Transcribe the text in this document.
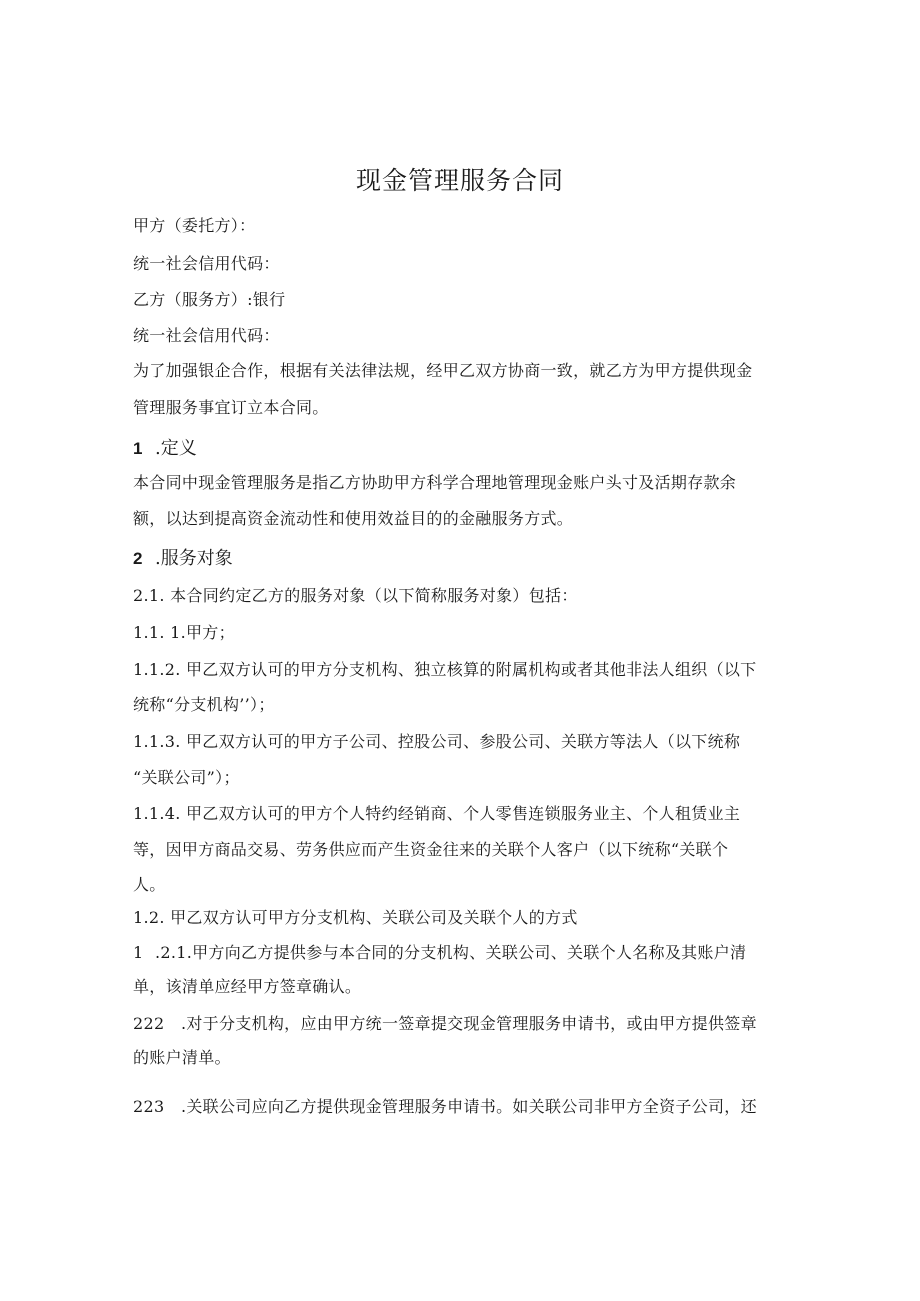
现金管理服务合同
甲方（委托方）：
统一社会信用代码：
乙方（服务方）:银行
统一社会信用代码：
为了加强银企合作，根据有关法律法规，经甲乙双方协商一致，就乙方为甲方提供现金
管理服务事宜订立本合同。
1 .定义
本合同中现金管理服务是指乙方协助甲方科学合理地管理现金账户头寸及活期存款余
额，以达到提高资金流动性和使用效益目的的金融服务方式。
2 .服务对象
2.1. 本合同约定乙方的服务对象（以下简称服务对象）包括：
1.1. 1.甲方；
1.1.2. 甲乙双方认可的甲方分支机构、独立核算的附属机构或者其他非法人组织（以下
统称“分支机构’’）；
1.1.3. 甲乙双方认可的甲方子公司、控股公司、参股公司、关联方等法人（以下统称
“关联公司”）；
1.1.4. 甲乙双方认可的甲方个人特约经销商、个人零售连锁服务业主、个人租赁业主
等，因甲方商品交易、劳务供应而产生资金往来的关联个人客户（以下统称“关联个
人。
1.2. 甲乙双方认可甲方分支机构、关联公司及关联个人的方式
1 .2.1.甲方向乙方提供参与本合同的分支机构、关联公司、关联个人名称及其账户清
单，该清单应经甲方签章确认。
222 .对于分支机构，应由甲方统一签章提交现金管理服务申请书，或由甲方提供签章
的账户清单。
223 .关联公司应向乙方提供现金管理服务申请书。如关联公司非甲方全资子公司，还
